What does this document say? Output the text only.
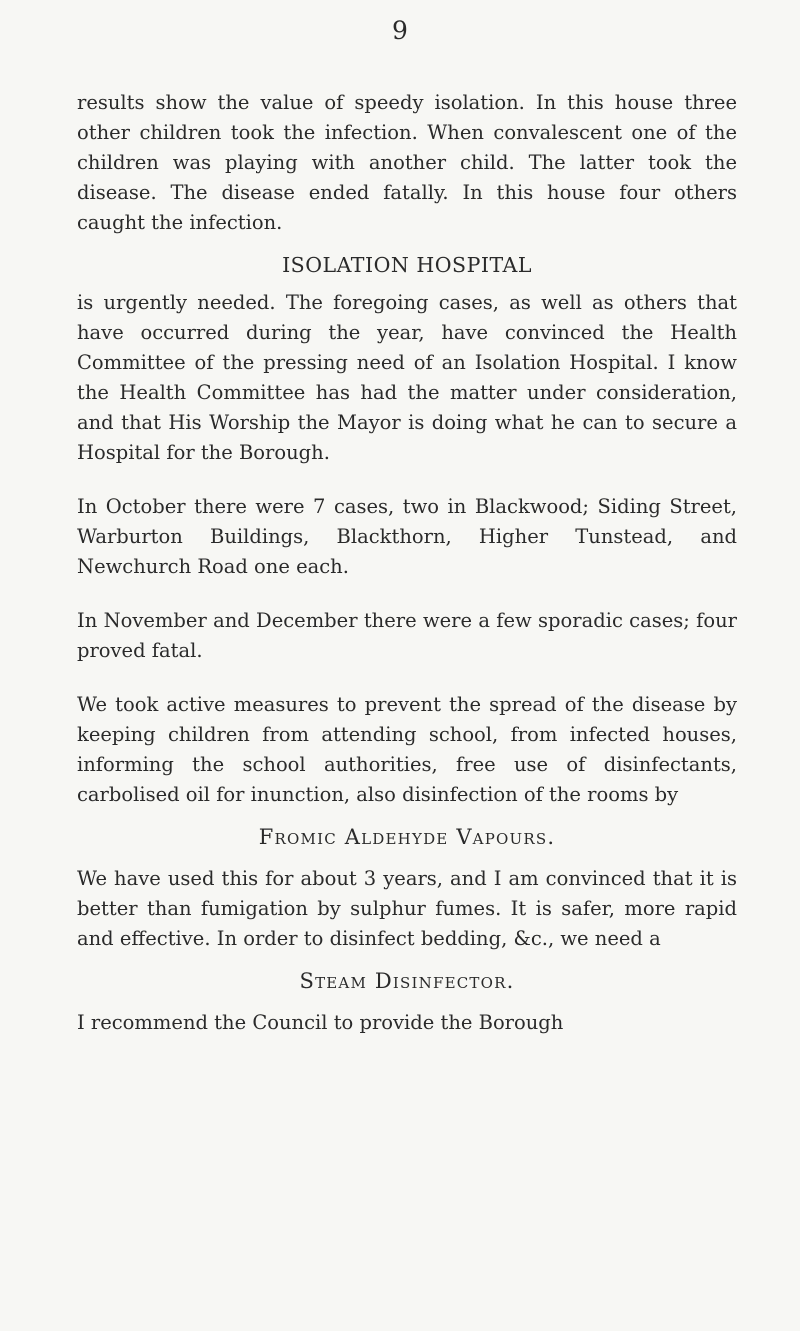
9

results show the value of speedy isolation. In this house three other children took the infection. When convalescent one of the children was playing with another child. The latter took the disease. The disease ended fatally. In this house four others caught the infection.

ISOLATION HOSPITAL

is urgently needed. The foregoing cases, as well as others that have occurred during the year, have convinced the Health Committee of the pressing need of an Isolation Hospital. I know the Health Committee has had the matter under consideration, and that His Worship the Mayor is doing what he can to secure a Hospital for the Borough.

In October there were 7 cases, two in Blackwood; Siding Street, Warburton Buildings, Blackthorn, Higher Tunstead, and Newchurch Road one each.

In November and December there were a few sporadic cases; four proved fatal.

We took active measures to prevent the spread of the disease by keeping children from attending school, from infected houses, informing the school authorities, free use of disinfectants, carbolised oil for inunction, also disinfection of the rooms by

Fromic Aldehyde Vapours.

We have used this for about 3 years, and I am convinced that it is better than fumigation by sulphur fumes. It is safer, more rapid and effective. In order to disinfect bedding, &c., we need a

Steam Disinfector.

I recommend the Council to provide the Borough
